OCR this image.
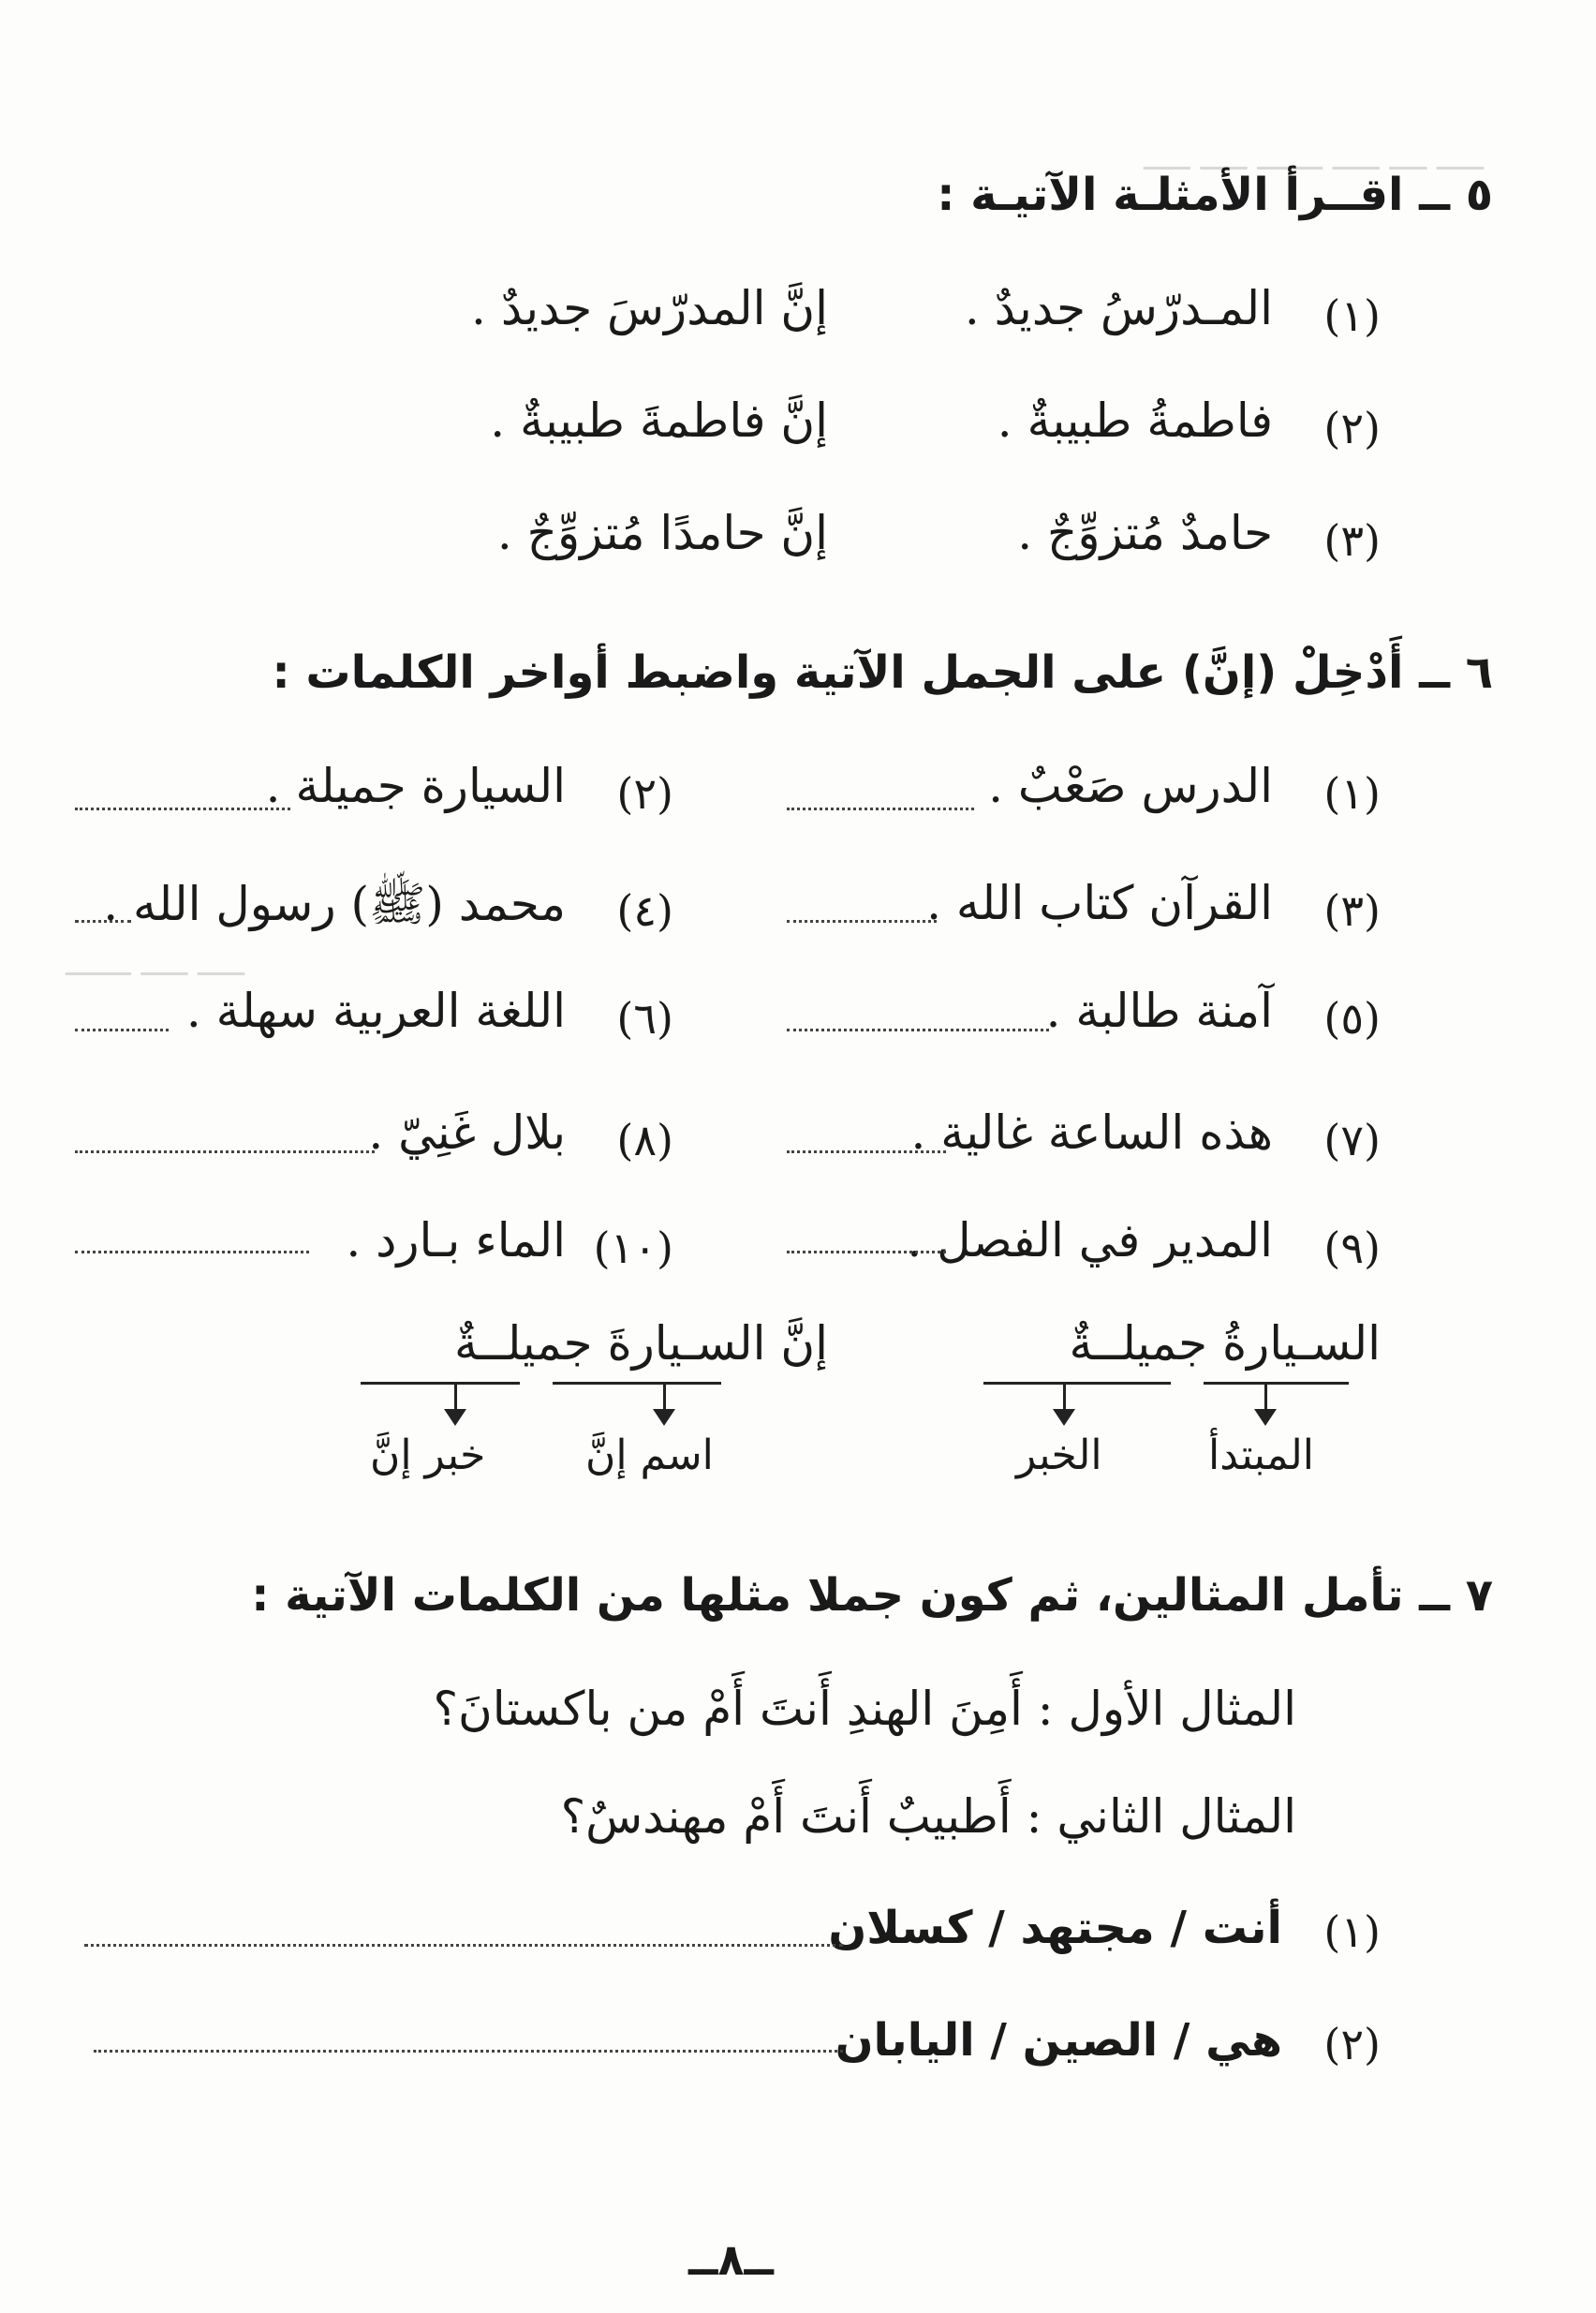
ـــــ ـــــ ـــــــ ـــــ ــــ ـــــ
ـــــــ ـــــ ـــــ
٥ ــ اقــرأ الأمثلـة الآتيـة :
(١)
المـدرّسُ جديدٌ .
إنَّ المدرّسَ جديدٌ .
(٢)
فاطمةُ طبيبةٌ .
إنَّ فاطمةَ طبيبةٌ .
(٣)
حامدٌ مُتزوِّجٌ .
إنَّ حامدًا مُتزوِّجٌ .
٦ ــ أَدْخِلْ (إنَّ) على الجمل الآتية واضبط أواخر الكلمات :
(١)
الدرس صَعْبٌ .
(٢)
السيارة جميلة .
(٣)
القرآن كتاب الله .
(٤)
محمد (ﷺ) رسول الله .
(٥)
آمنة طالبة .
(٦)
اللغة العربية سهلة .
(٧)
هذه الساعة غالية .
(٨)
بلال غَنِيّ .
(٩)
المدير في الفصل .
(١٠)
الماء بـارد .
السـيارةُ جميلــةٌ
إنَّ السـيارةَ جميلــةٌ
المبتدأ
الخبر
اسم إنَّ
خبر إنَّ
٧ ــ تأمل المثالين، ثم كون جملا مثلها من الكلمات الآتية :
المثال الأول : أَمِنَ الهندِ أَنتَ أَمْ من باكستانَ؟
المثال الثاني : أَطبيبٌ أَنتَ أَمْ مهندسٌ؟
(١)
أنت / مجتهد / كسلان
(٢)
هي / الصين / اليابان
ــ٨ــ
